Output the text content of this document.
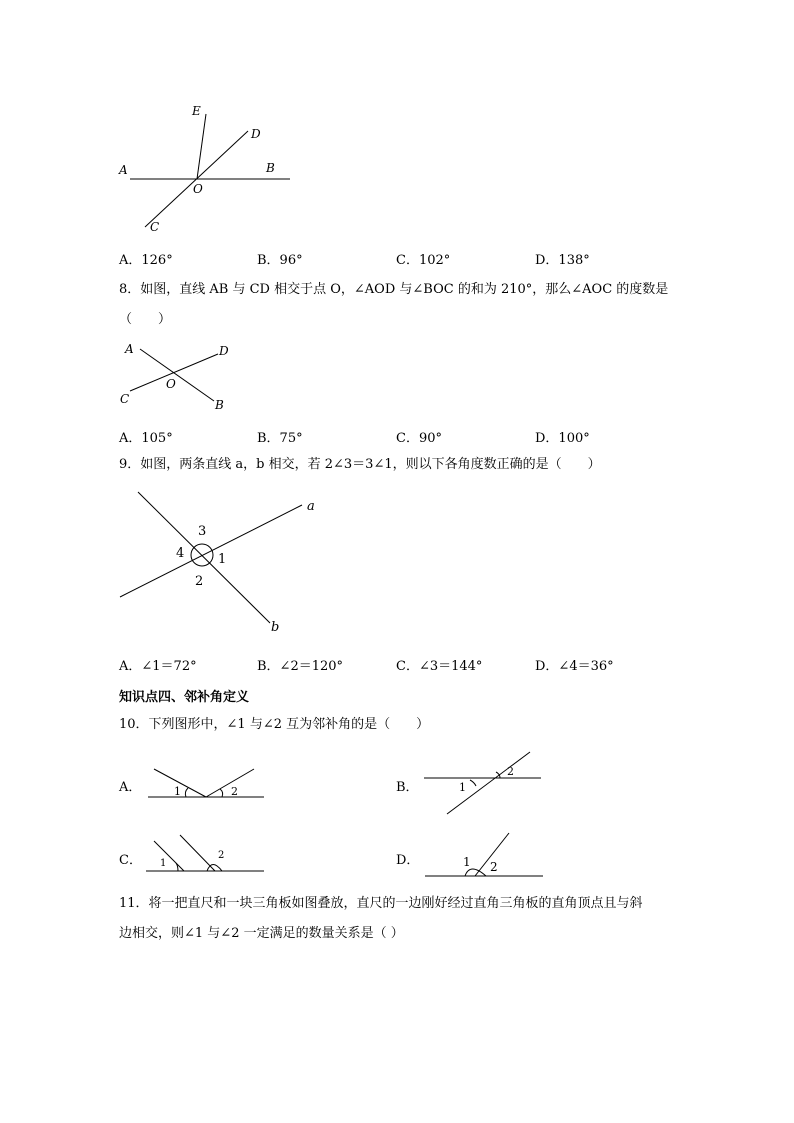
E
D
A	B
O
C
A．126°	B．96°	C．102°	D．138°
8．如图，直线 AB 与 CD 相交于点 O，∠AOD 与∠BOC 的和为 210°，那么∠AOC 的度数是
（　　）
A	D
O
C	B
A．105°	B．75°	C．90°	D．100°
9．如图，两条直线 a，b 相交，若 2∠3＝3∠1，则以下各角度数正确的是（　　）
a
b
3
4	1
2
A．∠1＝72°	B．∠2＝120°	C．∠3＝144°	D．∠4＝36°
知识点四、邻补角定义
10．下列图形中，∠1 与∠2 互为邻补角的是（　　）
A．	B．
C．	D．
1	2
2
1
1
2	1 2
11．将一把直尺和一块三角板如图叠放，直尺的一边刚好经过直角三角板的直角顶点且与斜
边相交，则∠1 与∠2 一定满足的数量关系是（ ）
